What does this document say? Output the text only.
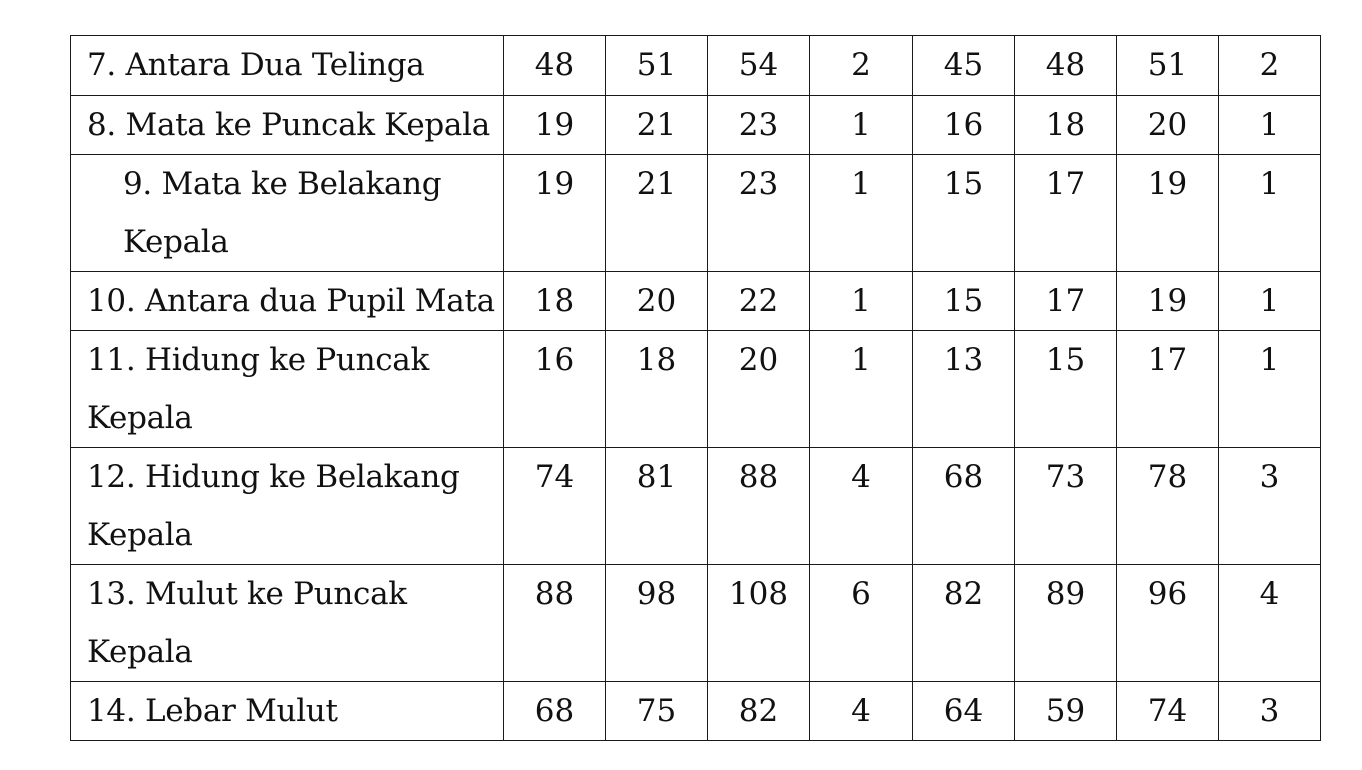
7. Antara Dua Telinga	48	51	54	2	45	48	51	2
8. Mata ke Puncak Kepala	19	21	23	1	16	18	20	1

9. Mata ke Belakang Kepala	19	21	23	1	15	17	19	1
10. Antara dua Pupil Mata	18	20	22	1	15	17	19	1
11. Hidung ke Puncak Kepala	16	18	20	1	13	15	17	1
12. Hidung ke Belakang Kepala	74	81	88	4	68	73	78	3
13. Mulut ke Puncak Kepala	88	98	108	6	82	89	96	4
14. Lebar Mulut	68	75	82	4	64	59	74	3
